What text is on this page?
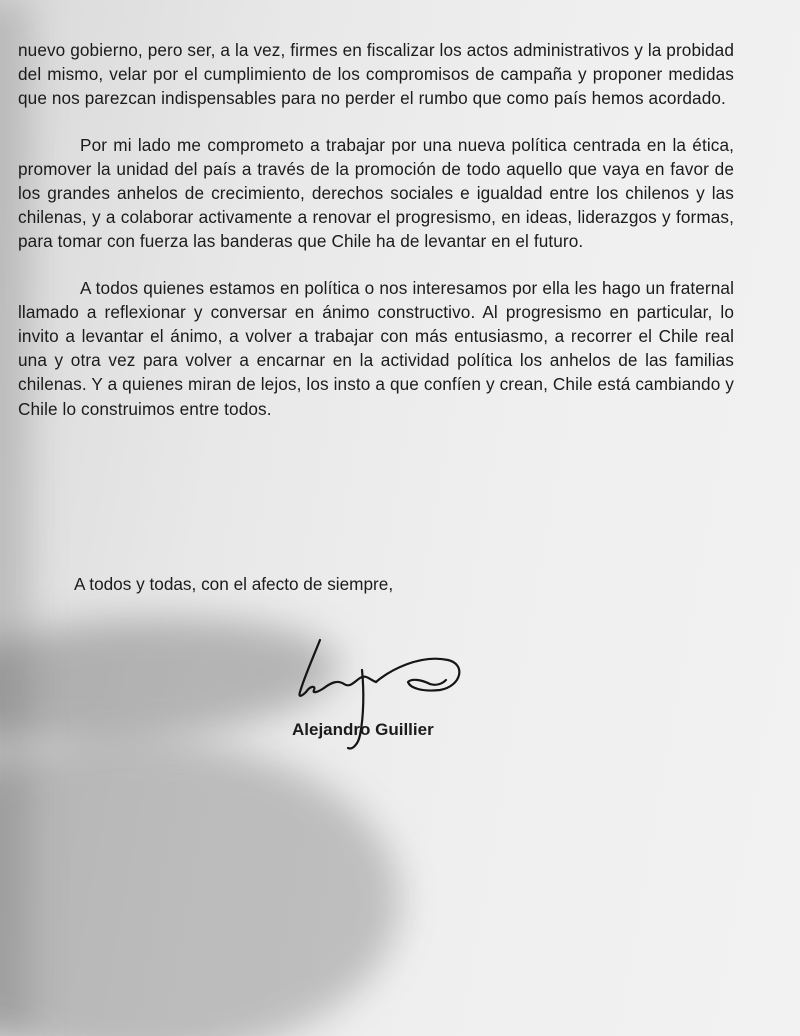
nuevo gobierno, pero ser, a la vez, firmes en fiscalizar los actos administrativos y la probidad del mismo, velar por el cumplimiento de los compromisos de campaña y proponer medidas que nos parezcan indispensables para no perder el rumbo que como país hemos acordado.

Por mi lado me comprometo a trabajar por una nueva política centrada en la ética, promover la unidad del país a través de la promoción de todo aquello que vaya en favor de los grandes anhelos de crecimiento, derechos sociales e igualdad entre los chilenos y las chilenas, y a colaborar activamente a renovar el progresismo, en ideas, liderazgos y formas, para tomar con fuerza las banderas que Chile ha de levantar en el futuro.

A todos quienes estamos en política o nos interesamos por ella les hago un fraternal llamado a reflexionar y conversar en ánimo constructivo. Al progresismo en particular, lo invito a levantar el ánimo, a volver a trabajar con más entusiasmo, a recorrer el Chile real una y otra vez para volver a encarnar en la actividad política los anhelos de las familias chilenas. Y a quienes miran de lejos, los insto a que confíen y crean, Chile está cambiando y Chile lo construimos entre todos.

A todos y todas, con el afecto de siempre,
Alejandro Guillier
